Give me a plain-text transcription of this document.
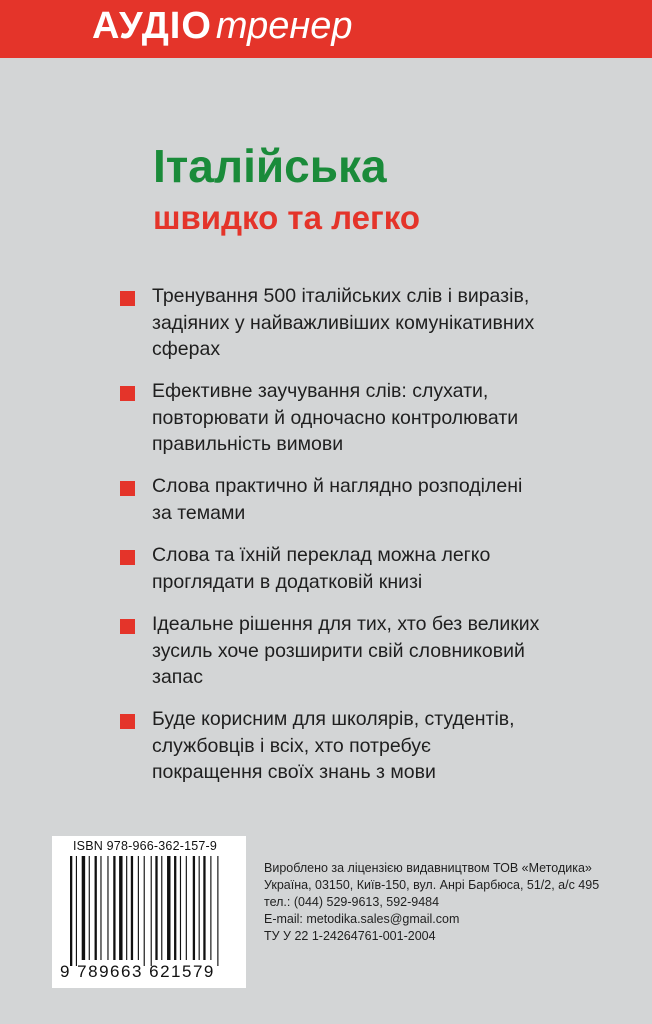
АУДІО тренер
Італійська
швидко та легко
Тренування 500 італійських слів і виразів,
задіяних у найважливіших комунікативних
сферах
Ефективне заучування слів: слухати,
повторювати й одночасно контролювати
правильність вимови
Слова практично й наглядно розподілені
за темами
Слова та їхній переклад можна легко
проглядати в додатковій книзі
Ідеальне рішення для тих, хто без великих
зусиль хоче розширити свій словниковий
запас
Буде корисним для школярів, студентів,
службовців і всіх, хто потребує
покращення своїх знань з мови
ISBN 978-966-362-157-9
9 789663 621579
Вироблено за ліцензією видавництвом ТОВ «Методика»
Україна, 03150, Київ-150, вул. Анрі Барбюса, 51/2, а/с 495
тел.: (044) 529-9613, 592-9484
E-mail: metodika.sales@gmail.com
ТУ У 22 1-24264761-001-2004
